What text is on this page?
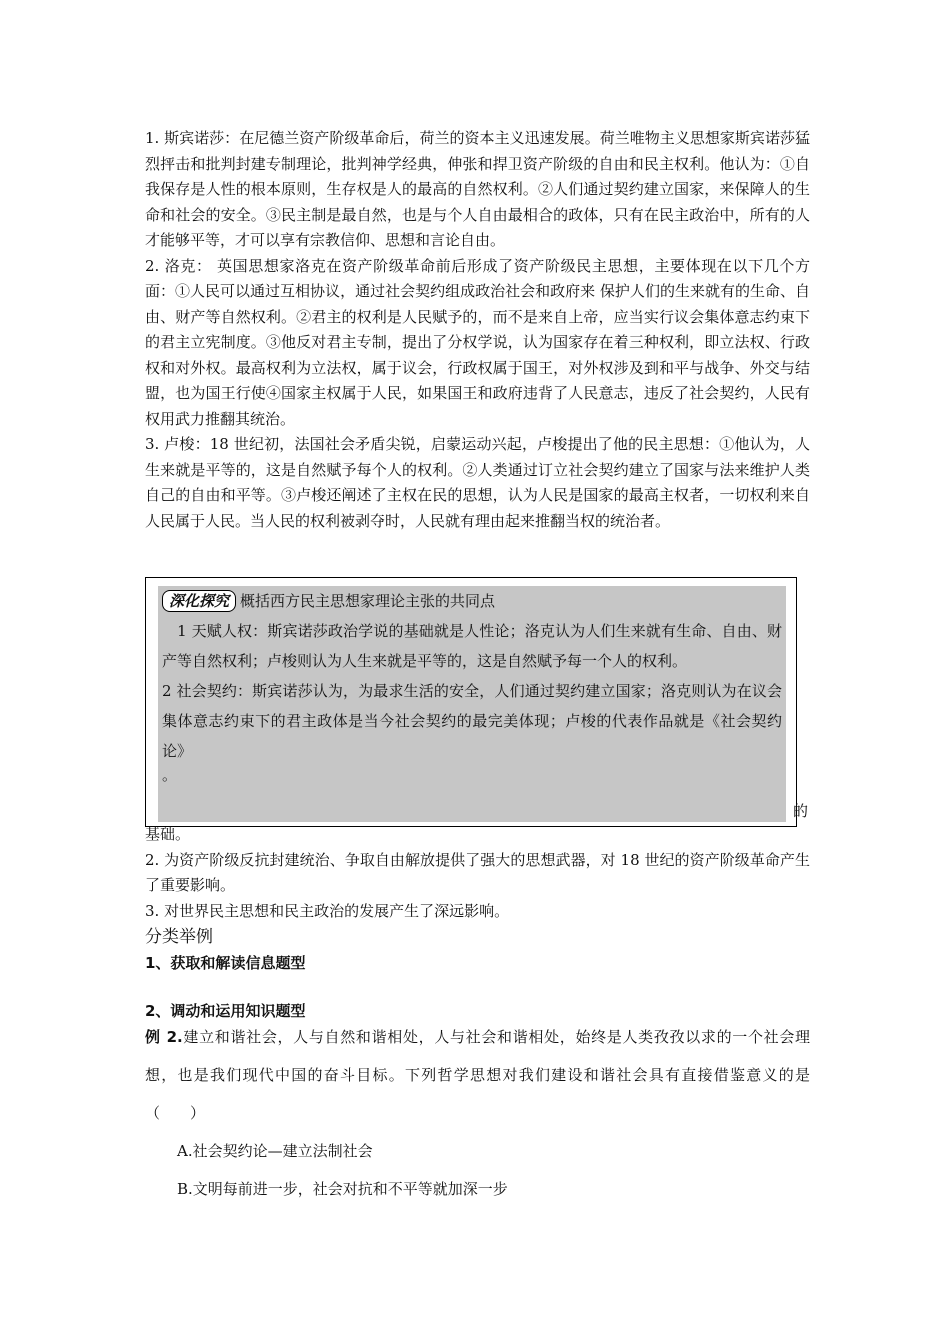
1. 斯宾诺莎：在尼德兰资产阶级革命后，荷兰的资本主义迅速发展。荷兰唯物主义思想家斯宾诺莎猛烈抨击和批判封建专制理论，批判神学经典，伸张和捍卫资产阶级的自由和民主权利。他认为：①自我保存是人性的根本原则，生存权是人的最高的自然权利。②人们通过契约建立国家，来保障人的生命和社会的安全。③民主制是最自然，也是与个人自由最相合的政体，只有在民主政治中，所有的人才能够平等，才可以享有宗教信仰、思想和言论自由。

2. 洛克： 英国思想家洛克在资产阶级革命前后形成了资产阶级民主思想，主要体现在以下几个方面：①人民可以通过互相协议，通过社会契约组成政治社会和政府来 保护人们的生来就有的生命、自由、财产等自然权利。②君主的权利是人民赋予的，而不是来自上帝，应当实行议会集体意志约束下的君主立宪制度。③他反对君主专制，提出了分权学说，认为国家存在着三种权利，即立法权、行政权和对外权。最高权利为立法权，属于议会，行政权属于国王，对外权涉及到和平与战争、外交与结盟，也为国王行使④国家主权属于人民，如果国王和政府违背了人民意志，违反了社会契约，人民有权用武力推翻其统治。

3. 卢梭：18 世纪初，法国社会矛盾尖锐，启蒙运动兴起，卢梭提出了他的民主思想：①他认为，人生来就是平等的，这是自然赋予每个人的权利。②人类通过订立社会契约建立了国家与法来维护人类自己的自由和平等。③卢梭还阐述了主权在民的思想，认为人民是国家的最高主权者，一切权利来自人民属于人民。当人民的权利被剥夺时，人民就有理由起来推翻当权的统治者。

深化探究 概括西方民主思想家理论主张的共同点

　1 天赋人权：斯宾诺莎政治学说的基础就是人性论；洛克认为人们生来就有生命、自由、财产等自然权利；卢梭则认为人生来就是平等的，这是自然赋予每一个人的权利。

2 社会契约：斯宾诺莎认为，为最求生活的安全，人们通过契约建立国家；洛克则认为在议会集体意志约束下的君主政体是当今社会契约的最完美体现；卢梭的代表作品就是《社会契约论》

。

的

基础。

2. 为资产阶级反抗封建统治、争取自由解放提供了强大的思想武器，对 18 世纪的资产阶级革命产生了重要影响。

3. 对世界民主思想和民主政治的发展产生了深远影响。

分类举例

1、获取和解读信息题型

2、调动和运用知识题型

例 2.建立和谐社会，人与自然和谐相处，人与社会和谐相处，始终是人类孜孜以求的一个社会理想，也是我们现代中国的奋斗目标。下列哲学思想对我们建设和谐社会具有直接借鉴意义的是（　　）

A.社会契约论—建立法制社会

B.文明每前进一步，社会对抗和不平等就加深一步
